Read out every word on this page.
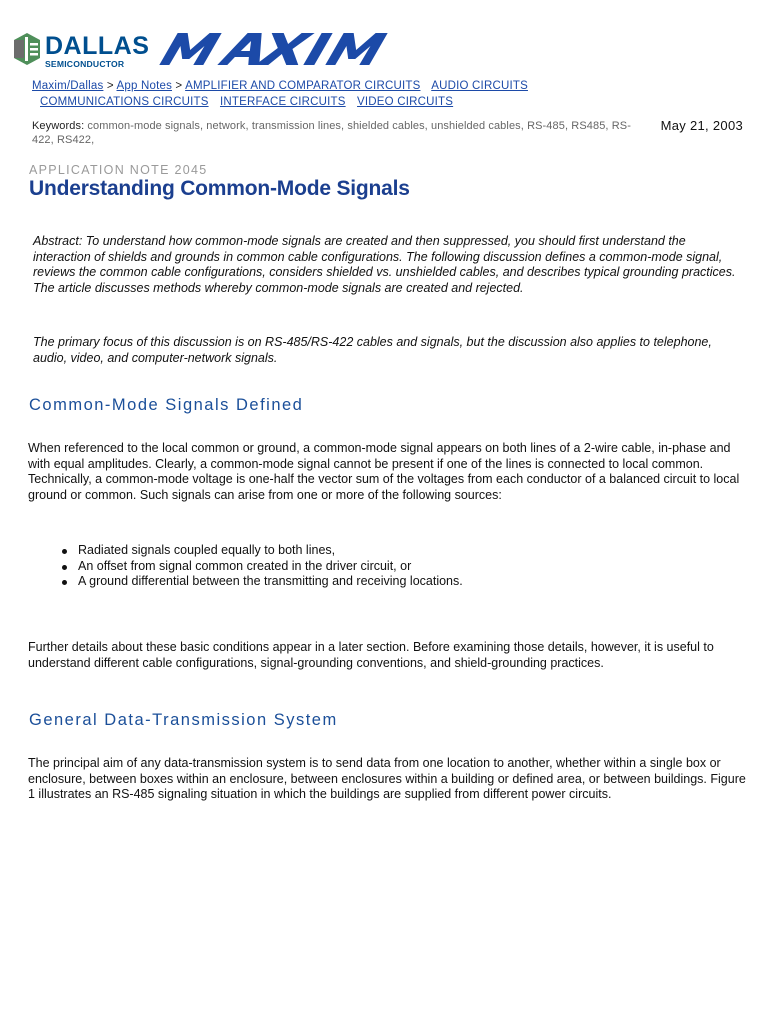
DALLAS
SEMICONDUCTOR
Maxim/Dallas > App Notes > AMPLIFIER AND COMPARATOR CIRCUITS AUDIO CIRCUITS
COMMUNICATIONS CIRCUITS INTERFACE CIRCUITS VIDEO CIRCUITS
Keywords: common-mode signals, network, transmission lines, shielded cables, unshielded cables, RS-485, RS485, RS-422, RS422,
May 21, 2003
APPLICATION NOTE 2045
Understanding Common-Mode Signals

Abstract: To understand how common-mode signals are created and then suppressed, you should first understand the interaction of shields and grounds in common cable configurations. The following discussion defines a common-mode signal, reviews the common cable configurations, considers shielded vs. unshielded cables, and describes typical grounding practices. The article discusses methods whereby common-mode signals are created and rejected.

The primary focus of this discussion is on RS-485/RS-422 cables and signals, but the discussion also applies to telephone, audio, video, and computer-network signals.

Common-Mode Signals Defined

When referenced to the local common or ground, a common-mode signal appears on both lines of a 2-wire cable, in-phase and with equal amplitudes. Clearly, a common-mode signal cannot be present if one of the lines is connected to local common. Technically, a common-mode voltage is one-half the vector sum of the voltages from each conductor of a balanced circuit to local ground or common. Such signals can arise from one or more of the following sources:

Radiated signals coupled equally to both lines,
An offset from signal common created in the driver circuit, or
A ground differential between the transmitting and receiving locations.

Further details about these basic conditions appear in a later section. Before examining those details, however, it is useful to understand different cable configurations, signal-grounding conventions, and shield-grounding practices.

General Data-Transmission System

The principal aim of any data-transmission system is to send data from one location to another, whether within a single box or enclosure, between boxes within an enclosure, between enclosures within a building or defined area, or between buildings. Figure 1 illustrates an RS-485 signaling situation in which the buildings are supplied from different power circuits.
